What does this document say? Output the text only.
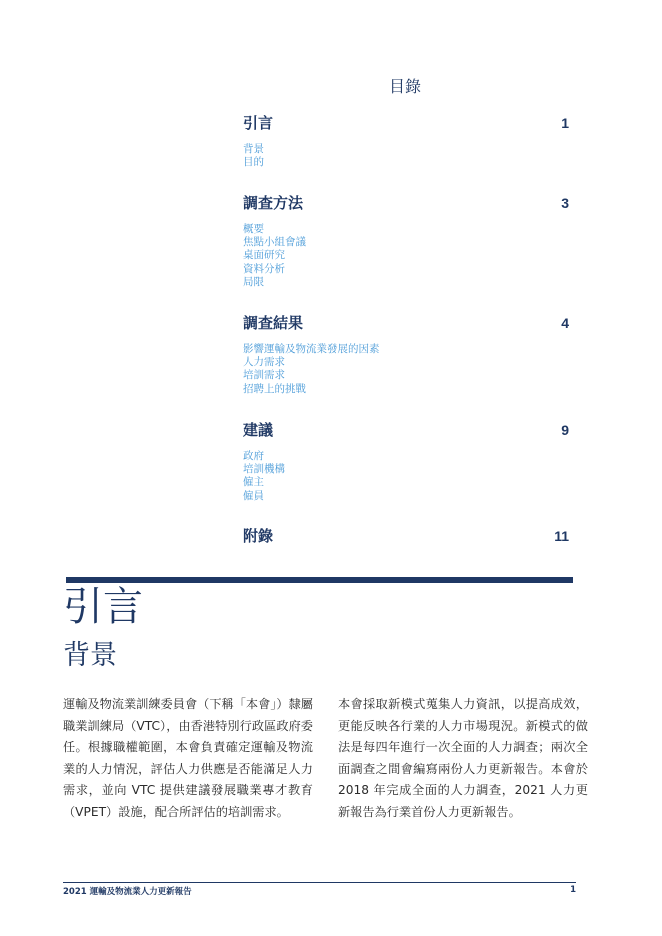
目錄
引言	1
背景
目的
調查方法	3
概要
焦點小組會議
桌面研究
資料分析
局限
調查結果	4
影響運輸及物流業發展的因素
人力需求
培訓需求
招聘上的挑戰
建議	9
政府
培訓機構
僱主
僱員
附錄	11
引言
背景
運輸及物流業訓練委員會（下稱「本會」）隸屬職業訓練局（VTC），由香港特別行政區政府委任。根據職權範圍，本會負責確定運輸及物流業的人力情況，評估人力供應是否能滿足人力需求，並向 VTC 提供建議發展職業專才教育（VPET）設施，配合所評估的培訓需求。
本會採取新模式蒐集人力資訊，以提高成效，更能反映各行業的人力市場現況。新模式的做法是每四年進行一次全面的人力調查；兩次全面調查之間會編寫兩份人力更新報告。本會於 2018 年完成全面的人力調查，2021 人力更新報告為行業首份人力更新報告。
2021 運輸及物流業人力更新報告	1
